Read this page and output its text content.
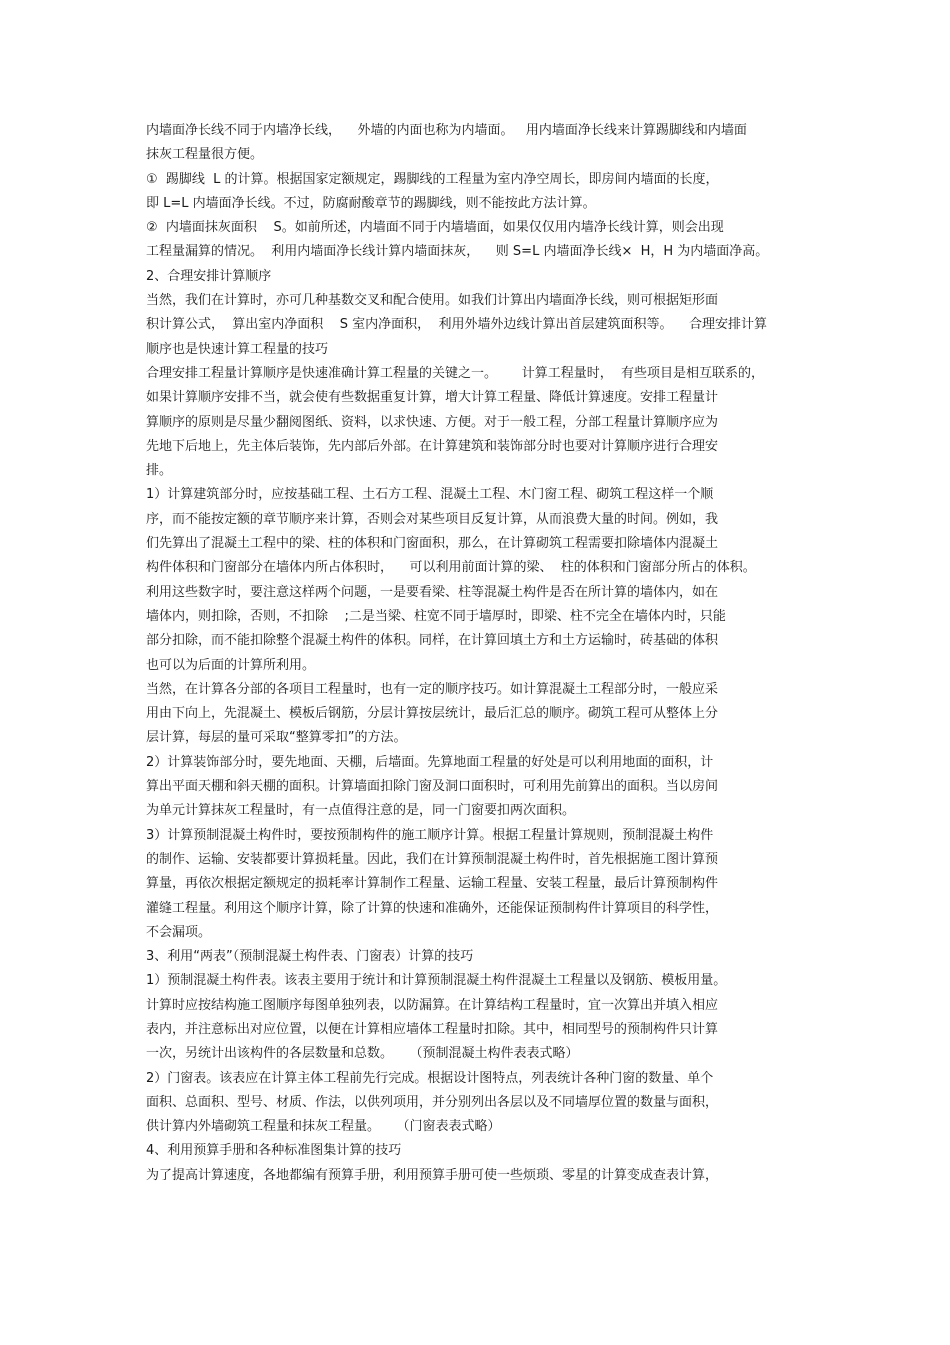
内墙面净长线不同于内墙净长线，    外墙的内面也称为内墙面。   用内墙面净长线来计算踢脚线和内墙面
抹灰工程量很方便。
①  踢脚线  L 的计算。根据国家定额规定，踢脚线的工程量为室内净空周长，即房间内墙面的长度，
即 L=L 内墙面净长线。不过，防腐耐酸章节的踢脚线，则不能按此方法计算。
②  内墙面抹灰面积    S。如前所述，内墙面不同于内墙墙面，如果仅仅用内墙净长线计算，则会出现
工程量漏算的情况。  利用内墙面净长线计算内墙面抹灰，    则 S=L 内墙面净长线×  H，H 为内墙面净高。
2、合理安排计算顺序
当然，我们在计算时，亦可几种基数交叉和配合使用。如我们计算出内墙面净长线，则可根据矩形面
积计算公式，  算出室内净面积    S 室内净面积，  利用外墙外边线计算出首层建筑面积等。    合理安排计算
顺序也是快速计算工程量的技巧
合理安排工程量计算顺序是快速准确计算工程量的关键之一。      计算工程量时，  有些项目是相互联系的，
如果计算顺序安排不当，就会使有些数据重复计算，增大计算工程量、降低计算速度。安排工程量计
算顺序的原则是尽量少翻阅图纸、资料，以求快速、方便。对于一般工程，分部工程量计算顺序应为
先地下后地上，先主体后装饰，先内部后外部。在计算建筑和装饰部分时也要对计算顺序进行合理安
排。
1）计算建筑部分时，应按基础工程、土石方工程、混凝土工程、木门窗工程、砌筑工程这样一个顺
序，而不能按定额的章节顺序来计算，否则会对某些项目反复计算，从而浪费大量的时间。例如，我
们先算出了混凝土工程中的梁、柱的体积和门窗面积，那么，在计算砌筑工程需要扣除墙体内混凝土
构件体积和门窗部分在墙体内所占体积时，    可以利用前面计算的梁、  柱的体积和门窗部分所占的体积。
利用这些数字时，要注意这样两个问题，一是要看梁、柱等混凝土构件是否在所计算的墙体内，如在
墙体内，则扣除，否则，不扣除    ;二是当梁、柱宽不同于墙厚时，即梁、柱不完全在墙体内时，只能
部分扣除，而不能扣除整个混凝土构件的体积。同样，在计算回填土方和土方运输时，砖基础的体积
也可以为后面的计算所利用。
当然，在计算各分部的各项目工程量时，也有一定的顺序技巧。如计算混凝土工程部分时，一般应采
用由下向上，先混凝土、模板后钢筋，分层计算按层统计，最后汇总的顺序。砌筑工程可从整体上分
层计算，每层的量可采取“整算零扣”的方法。
2）计算装饰部分时，要先地面、天棚，后墙面。先算地面工程量的好处是可以利用地面的面积，计
算出平面天棚和斜天棚的面积。计算墙面扣除门窗及洞口面积时，可利用先前算出的面积。当以房间
为单元计算抹灰工程量时，有一点值得注意的是，同一门窗要扣两次面积。
3）计算预制混凝土构件时，要按预制构件的施工顺序计算。根据工程量计算规则，预制混凝土构件
的制作、运输、安装都要计算损耗量。因此，我们在计算预制混凝土构件时，首先根据施工图计算预
算量，再依次根据定额规定的损耗率计算制作工程量、运输工程量、安装工程量，最后计算预制构件
灌缝工程量。利用这个顺序计算，除了计算的快速和准确外，还能保证预制构件计算项目的科学性，
不会漏项。
3、利用“两表”（预制混凝土构件表、门窗表）计算的技巧
1）预制混凝土构件表。该表主要用于统计和计算预制混凝土构件混凝土工程量以及钢筋、模板用量。
计算时应按结构施工图顺序每图单独列表，以防漏算。在计算结构工程量时，宜一次算出并填入相应
表内，并注意标出对应位置，以便在计算相应墙体工程量时扣除。其中，相同型号的预制构件只计算
一次，另统计出该构件的各层数量和总数。    （预制混凝土构件表表式略）
2）门窗表。该表应在计算主体工程前先行完成。根据设计图特点，列表统计各种门窗的数量、单个
面积、总面积、型号、材质、作法，以供列项用，并分别列出各层以及不同墙厚位置的数量与面积，
供计算内外墙砌筑工程量和抹灰工程量。    （门窗表表式略）
4、利用预算手册和各种标准图集计算的技巧
为了提高计算速度，各地都编有预算手册，利用预算手册可使一些烦琐、零星的计算变成查表计算，
